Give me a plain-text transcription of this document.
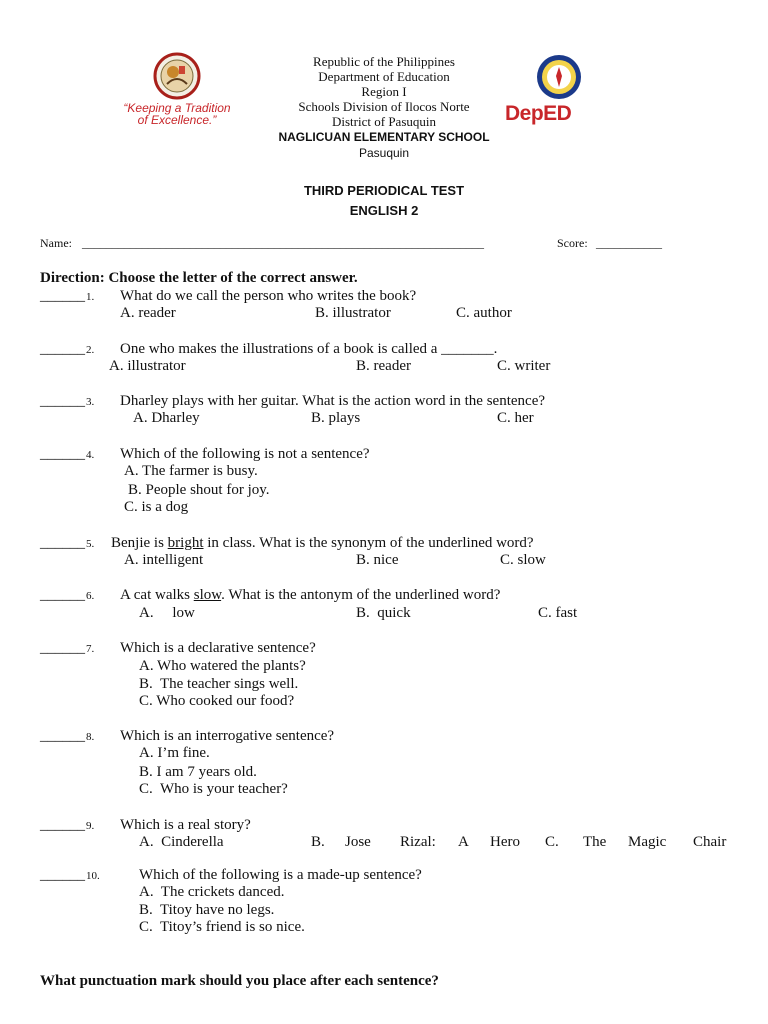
“Keeping a Tradition
of Excellence.”
Republic of the Philippines
Department of Education
Region I
Schools Division of Ilocos Norte
District of Pasuquin
NAGLICUAN ELEMENTARY SCHOOL
Pasuquin
DepED
THIRD PERIODICAL TEST
ENGLISH 2
Name: ___________________________________________________________________	Score: ___________
Direction: Choose the letter of the correct answer.
______ 1. What do we call the person who writes the book?
A. reader	B. illustrator	C. author
______ 2. One who makes the illustrations of a book is called a _______.
A. illustrator	B. reader	C. writer
______ 3. Dharley plays with her guitar. What is the action word in the sentence?
A. Dharley	B. plays	C. her
______ 4. Which of the following is not a sentence?
A. The farmer is busy.
B. People shout for joy.
C. is a dog
______ 5. Benjie is bright in class. What is the synonym of the underlined word?
A. intelligent	B. nice	C. slow
______ 6. A cat walks slow. What is the antonym of the underlined word?
A.     low	B.  quick	C. fast
______ 7. Which is a declarative sentence?
A. Who watered the plants?
B.  The teacher sings well.
C. Who cooked our food?
______ 8. Which is an interrogative sentence?
A. I’m fine.
B. I am 7 years old.
C.  Who is your teacher?
______ 9. Which is a real story?
A.  Cinderella	B. Jose Rizal: A Hero C. The Magic Chair
______ 10.	Which of the following is a made-up sentence?
A.  The crickets danced.
B.  Titoy have no legs.
C.  Titoy’s friend is so nice.
What punctuation mark should you place after each sentence?
